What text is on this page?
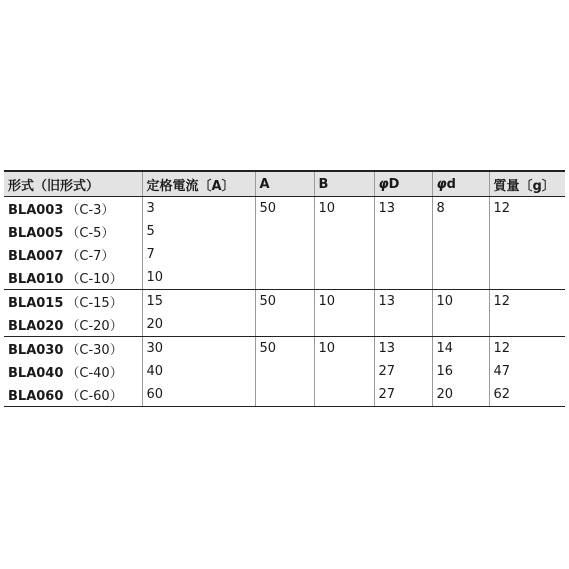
形式（旧形式）	定格電流〔A〕	A	B	φD	φd	質量〔g〕
BLA003 （C-3）	3	50	10	13	8	12
BLA005 （C-5）	5					
BLA007 （C-7）	7					
BLA010 （C-10）	10					
BLA015 （C-15）	15	50	10	13	10	12
BLA020 （C-20）	20					
BLA030 （C-30）	30	50	10	13	14	12
BLA040 （C-40）	40			27	16	47
BLA060 （C-60）	60			27	20	62
